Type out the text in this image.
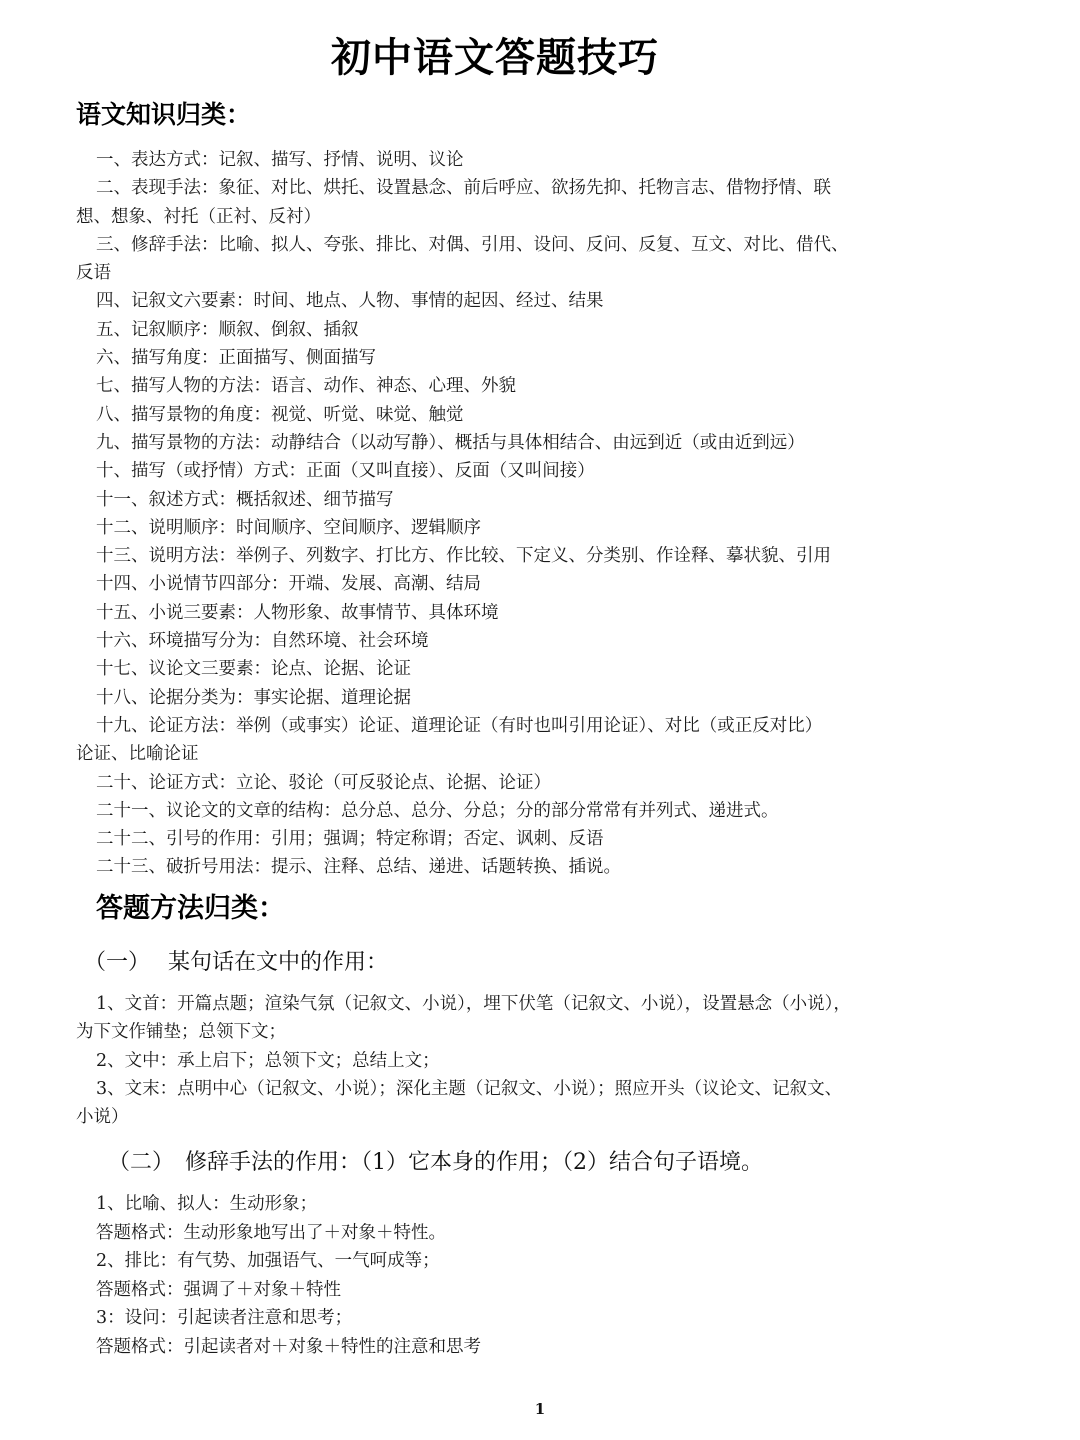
初中语文答题技巧
语文知识归类：
一、表达方式：记叙、描写、抒情、说明、议论
二、表现手法：象征、对比、烘托、设置悬念、前后呼应、欲扬先抑、托物言志、借物抒情、联
想、想象、衬托（正衬、反衬）
三、修辞手法：比喻、拟人、夸张、排比、对偶、引用、设问、反问、反复、互文、对比、借代、
反语
四、记叙文六要素：时间、地点、人物、事情的起因、经过、结果
五、记叙顺序：顺叙、倒叙、插叙
六、描写角度：正面描写、侧面描写
七、描写人物的方法：语言、动作、神态、心理、外貌
八、描写景物的角度：视觉、听觉、味觉、触觉
九、描写景物的方法：动静结合（以动写静）、概括与具体相结合、由远到近（或由近到远）
十、描写（或抒情）方式：正面（又叫直接）、反面（又叫间接）
十一、叙述方式：概括叙述、细节描写
十二、说明顺序：时间顺序、空间顺序、逻辑顺序
十三、说明方法：举例子、列数字、打比方、作比较、下定义、分类别、作诠释、摹状貌、引用
十四、小说情节四部分：开端、发展、高潮、结局
十五、小说三要素：人物形象、故事情节、具体环境
十六、环境描写分为：自然环境、社会环境
十七、议论文三要素：论点、论据、论证
十八、论据分类为：事实论据、道理论据
十九、论证方法：举例（或事实）论证、道理论证（有时也叫引用论证）、对比（或正反对比）
论证、比喻论证
二十、论证方式：立论、驳论（可反驳论点、论据、论证）
二十一、议论文的文章的结构：总分总、总分、分总；分的部分常常有并列式、递进式。
二十二、引号的作用：引用；强调；特定称谓；否定、讽刺、反语
二十三、破折号用法：提示、注释、总结、递进、话题转换、插说。
答题方法归类：
（一）　 某句话在文中的作用：
1、文首：开篇点题；渲染气氛（记叙文、小说），埋下伏笔（记叙文、小说），设置悬念（小说），
为下文作铺垫；总领下文；
2、文中：承上启下；总领下文；总结上文；
3、文末：点明中心（记叙文、小说）；深化主题（记叙文、小说）；照应开头（议论文、记叙文、
小说）
（二）　修辞手法的作用：（1）它本身的作用；（2）结合句子语境。
1、比喻、拟人：生动形象；
答题格式：生动形象地写出了＋对象＋特性。
2、排比：有气势、加强语气、一气呵成等；
答题格式：强调了＋对象＋特性
3：设问：引起读者注意和思考；
答题格式：引起读者对＋对象＋特性的注意和思考
1
